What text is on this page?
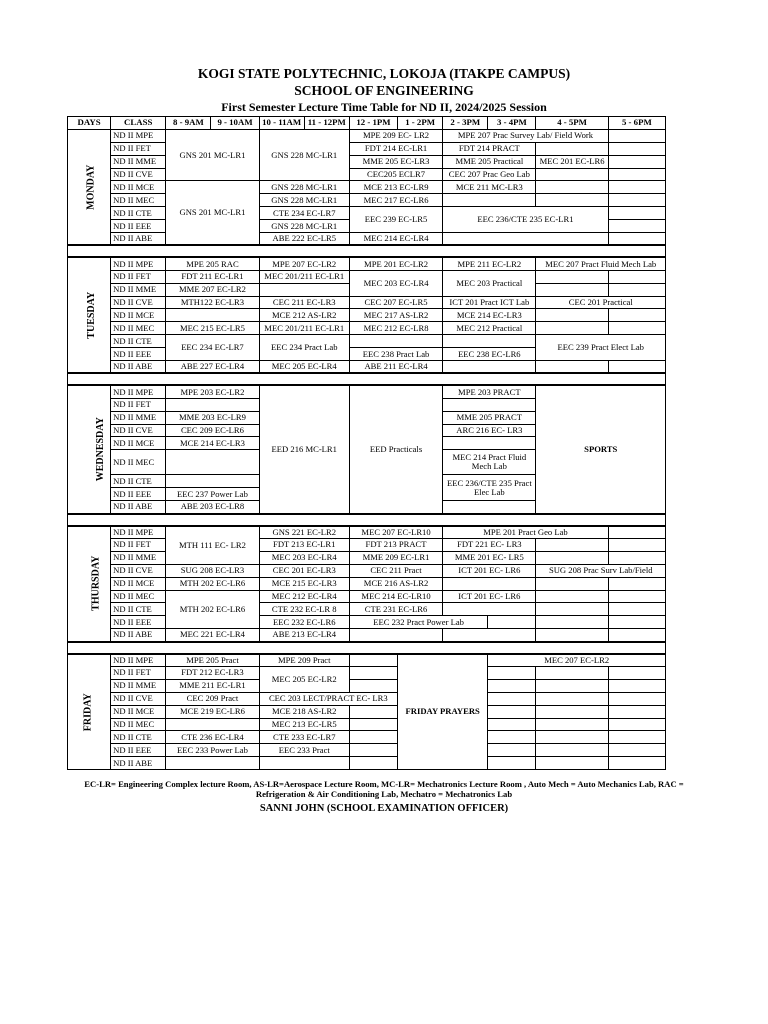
KOGI STATE POLYTECHNIC, LOKOJA (ITAKPE CAMPUS)
SCHOOL OF ENGINEERING
First Semester Lecture Time Table for ND II, 2024/2025 Session
DAYS	CLASS	8 - 9AM	9 - 10AM	10 - 11AM	11 - 12PM	12 - 1PM	1 - 2PM	2 - 3PM	3 - 4PM	4 - 5PM	5 - 6PM
MONDAY	ND II MPE	GNS 201 MC-LR1		GNS 228 MC-LR1		MPE 209 EC- LR2		MPE 207 Prac Survey Lab/ Field Work			
	ND II FET					FDT 214 EC-LR1		FDT 214 PRACT			
	ND II MME					MME 205 EC-LR3		MME 205 Practical		MEC 201 EC-LR6	
	ND II CVE					CEC205 ECLR7		CEC 207 Prac Geo Lab			
	ND II MCE	GNS 201 MC-LR1		GNS 228 MC-LR1		MCE 213 EC-LR9		MCE 211 MC-LR3			
	ND II MEC			GNS 228 MC-LR1		MEC 217 EC-LR6					
	ND II CTE			CTE 234 EC-LR7		EEC 239 EC-LR5		EEC 236/CTE 235 EC-LR1			
	ND II EEE			GNS 228 MC-LR1							
	ND II ABE			ABE 222 EC-LR5		MEC 214 EC-LR4					

TUESDAY	ND II MPE	MPE 205 RAC		MPE 207 EC-LR2		MPE 201 EC-LR2		MPE 211 EC-LR2		MEC 207 Pract Fluid Mech Lab	
	ND II FET	FDT 211 EC-LR1		MEC 201/211 EC-LR1		MEC 203 EC-LR4		MEC 203 Practical			
	ND II MME	MME 207 EC-LR2									
	ND II CVE	MTH122 EC-LR3		CEC 211 EC-LR3		CEC 207 EC-LR5		ICT 201 Pract ICT Lab		CEC 201 Practical	
	ND II MCE			MCE 212 AS-LR2		MEC 217 AS-LR2		MCE 214 EC-LR3			
	ND II MEC	MEC 215 EC-LR5		MEC 201/211 EC-LR1		MEC 212 EC-LR8		MEC 212 Practical			
	ND II CTE	EEC 234 EC-LR7		EEC 234 Pract Lab						EEC 239 Pract Elect Lab	
	ND II EEE					EEC 238 Pract Lab		EEC 238 EC-LR6			
	ND II ABE	ABE 227 EC-LR4		MEC 205 EC-LR4		ABE 211 EC-LR4					

WEDNESDAY	ND II MPE	MPE 203 EC-LR2		EED 216 MC-LR1		EED Practicals		MPE 203 PRACT		SPORTS	
	ND II FET										
	ND II MME	MME 203 EC-LR9						MME 205 PRACT			
	ND II CVE	CEC 209 EC-LR6						ARC 216 EC- LR3			
	ND II MCE	MCE 214 EC-LR3									
	ND II MEC							MEC 214 Pract Fluid Mech Lab			
	ND II CTE							EEC 236/CTE 235 Pract Elec Lab			
	ND II EEE	EEC 237 Power Lab									
	ND II ABE	ABE 203 EC-LR8									

THURSDAY	ND II MPE	MTH 111 EC- LR2		GNS 221 EC-LR2		MEC 207 EC-LR10		MPE 201 Pract Geo Lab			
	ND II FET			FDT 213 EC-LR1		FDT 213 PRACT		FDT 221 EC- LR3			
	ND II MME			MEC 203 EC-LR4		MME 209 EC-LR1		MME 201 EC- LR5			
	ND II CVE	SUG 208 EC-LR3		CEC 201 EC-LR3		CEC 211 Pract		ICT 201 EC- LR6		SUG 208 Prac Surv Lab/Field	
	ND II MCE	MTH 202 EC-LR6		MCE 215 EC-LR3		MCE 216 AS-LR2					
	ND II MEC	MTH 202 EC-LR6		MEC 212 EC-LR4		MEC 214 EC-LR10		ICT 201 EC- LR6			
	ND II CTE			CTE 232 EC-LR 8		CTE 231 EC-LR6					
	ND II EEE			EEC 232 EC-LR6		EEC 232 Pract Power Lab					
	ND II ABE	MEC 221 EC-LR4		ABE 213 EC-LR4							

FRIDAY	ND II MPE	MPE 205 Pract		MPE 209 Pract			FRIDAY PRAYERS		MEC 207 EC-LR2		
	ND II FET	FDT 212 EC-LR3		MEC 205 EC-LR2							
	ND II MME	MME 211 EC-LR1									
	ND II CVE	CEC 209 Pract		CEC 203 LECT/PRACT EC- LR3							
	ND II MCE	MCE 219 EC-LR6		MCE 218 AS-LR2							
	ND II MEC			MEC 213 EC-LR5							
	ND II CTE	CTE 236 EC-LR4		CTE 233 EC-LR7							
	ND II EEE	EEC 233 Power Lab		EEC 233 Pract							
	ND II ABE										
EC-LR= Engineering Complex lecture Room, AS-LR=Aerospace Lecture Room, MC-LR= Mechatronics Lecture Room , Auto Mech = Auto Mechanics Lab, RAC = Refrigeration & Air Conditioning Lab, Mechatro = Mechatronics Lab
SANNI JOHN (SCHOOL EXAMINATION OFFICER)
